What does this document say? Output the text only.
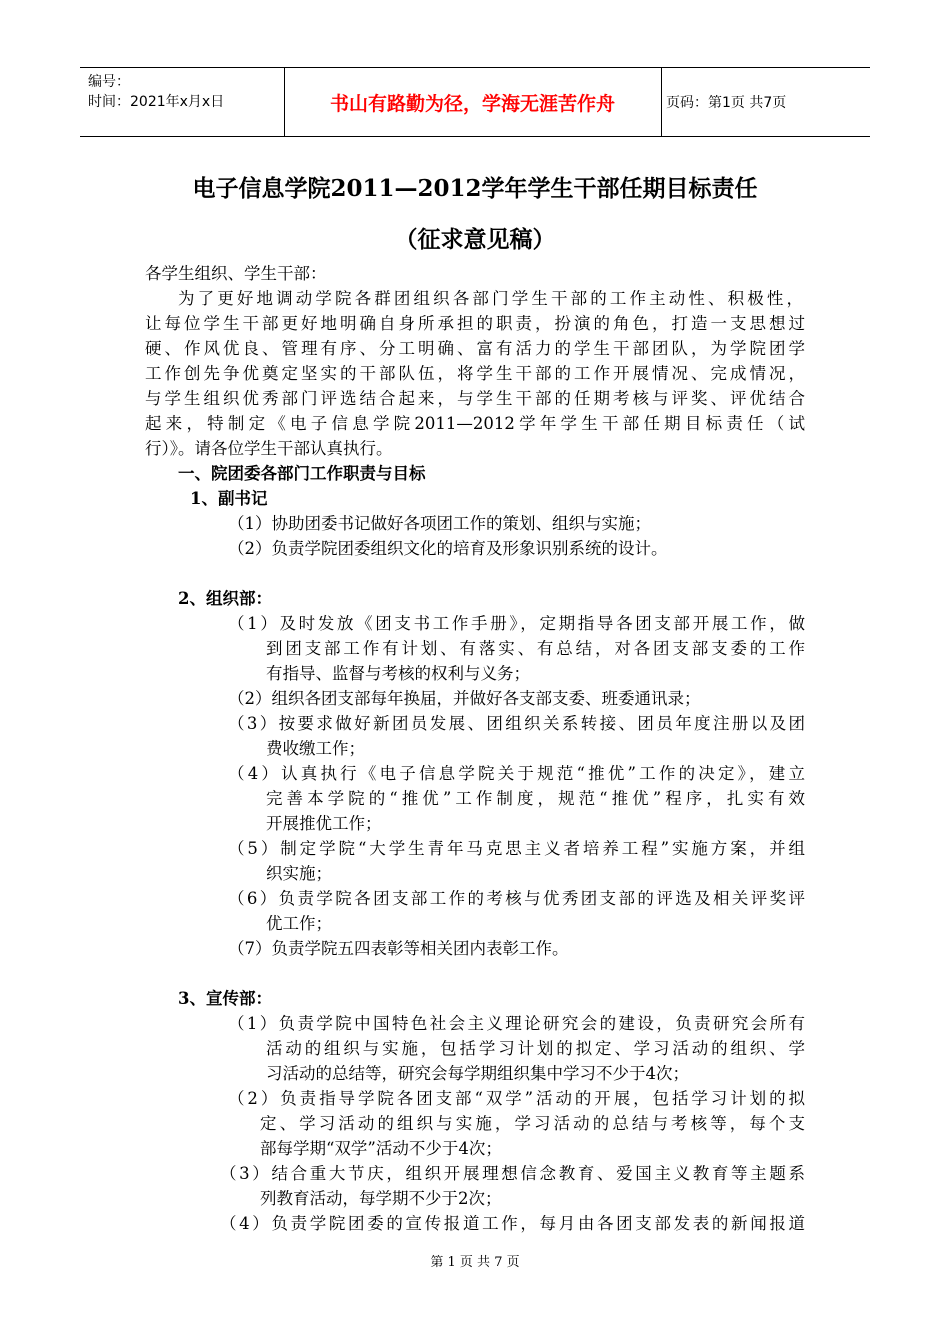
编号：
时间：2021年x月x日	书山有路勤为径，学海无涯苦作舟	页码：第1页 共7页
电子信息学院2011—2012学年学生干部任期目标责任
（征求意见稿）
各学生组织、学生干部：
为了更好地调动学院各群团组织各部门学生干部的工作主动性、积极性，
让每位学生干部更好地明确自身所承担的职责，扮演的角色，打造一支思想过
硬、作风优良、管理有序、分工明确、富有活力的学生干部团队，为学院团学
工作创先争优奠定坚实的干部队伍，将学生干部的工作开展情况、完成情况，
与学生组织优秀部门评选结合起来，与学生干部的任期考核与评奖、评优结合
起来，特制定《电子信息学院2011—2012学年学生干部任期目标责任（试
行）》。请各位学生干部认真执行。
一、院团委各部门工作职责与目标
1、副书记
（1）协助团委书记做好各项团工作的策划、组织与实施；
（2）负责学院团委组织文化的培育及形象识别系统的设计。
2、组织部：
（1）及时发放《团支书工作手册》，定期指导各团支部开展工作，做
到团支部工作有计划、有落实、有总结，对各团支部支委的工作
有指导、监督与考核的权利与义务；
（2）组织各团支部每年换届，并做好各支部支委、班委通讯录；
（3）按要求做好新团员发展、团组织关系转接、团员年度注册以及团
费收缴工作；
（4）认真执行《电子信息学院关于规范“推优”工作的决定》，建立
完善本学院的“推优”工作制度，规范“推优”程序，扎实有效
开展推优工作；
（5）制定学院“大学生青年马克思主义者培养工程”实施方案，并组
织实施；
（6）负责学院各团支部工作的考核与优秀团支部的评选及相关评奖评
优工作；
（7）负责学院五四表彰等相关团内表彰工作。
3、宣传部：
（1）负责学院中国特色社会主义理论研究会的建设，负责研究会所有
活动的组织与实施，包括学习计划的拟定、学习活动的组织、学
习活动的总结等，研究会每学期组织集中学习不少于4次；
（2）负责指导学院各团支部“双学”活动的开展，包括学习计划的拟
定、学习活动的组织与实施，学习活动的总结与考核等，每个支
部每学期“双学”活动不少于4次；
（3）结合重大节庆，组织开展理想信念教育、爱国主义教育等主题系
列教育活动，每学期不少于2次；
（4）负责学院团委的宣传报道工作，每月由各团支部发表的新闻报道
第 1 页 共 7 页
